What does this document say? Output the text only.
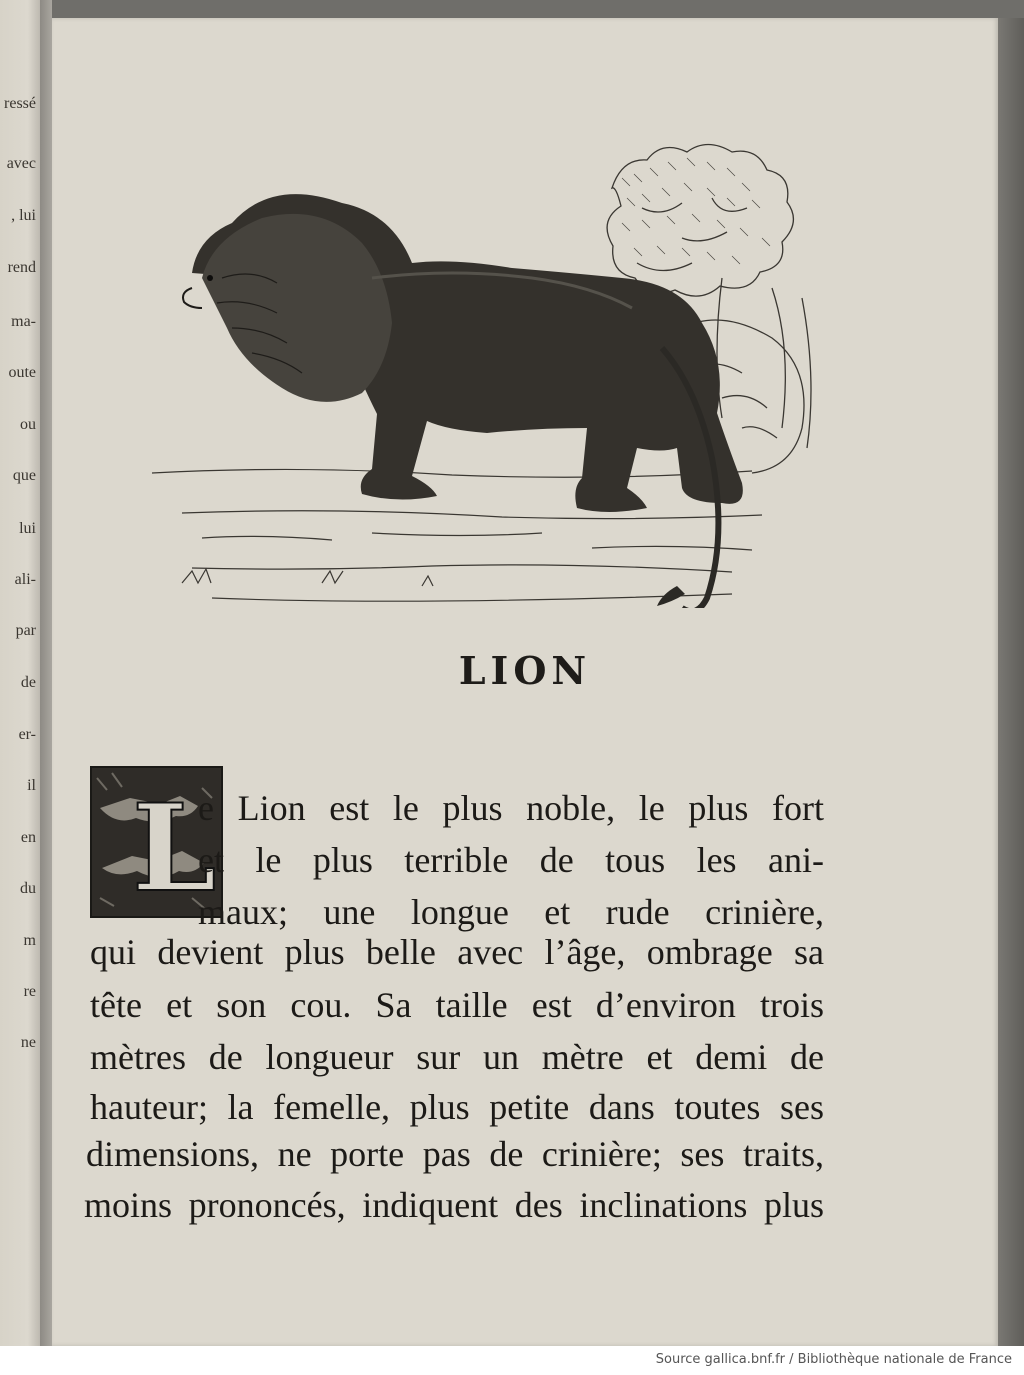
ressé
avec
, lui
rend
ma-
oute
ou
que
lui
ali-
par
de
er-
il
en
du
m
re
ne
LION
L

e Lion est le plus noble, le plus fort

et le plus terrible de tous les ani-

maux; une longue et rude crinière,

qui devient plus belle avec l’âge, ombrage sa

tête et son cou. Sa taille est d’environ trois

mètres de longueur sur un mètre et demi de

hauteur; la femelle, plus petite dans toutes ses

dimensions, ne porte pas de crinière; ses traits,

moins prononcés, indiquent des inclinations plus

Source gallica.bnf.fr / Bibliothèque nationale de France
